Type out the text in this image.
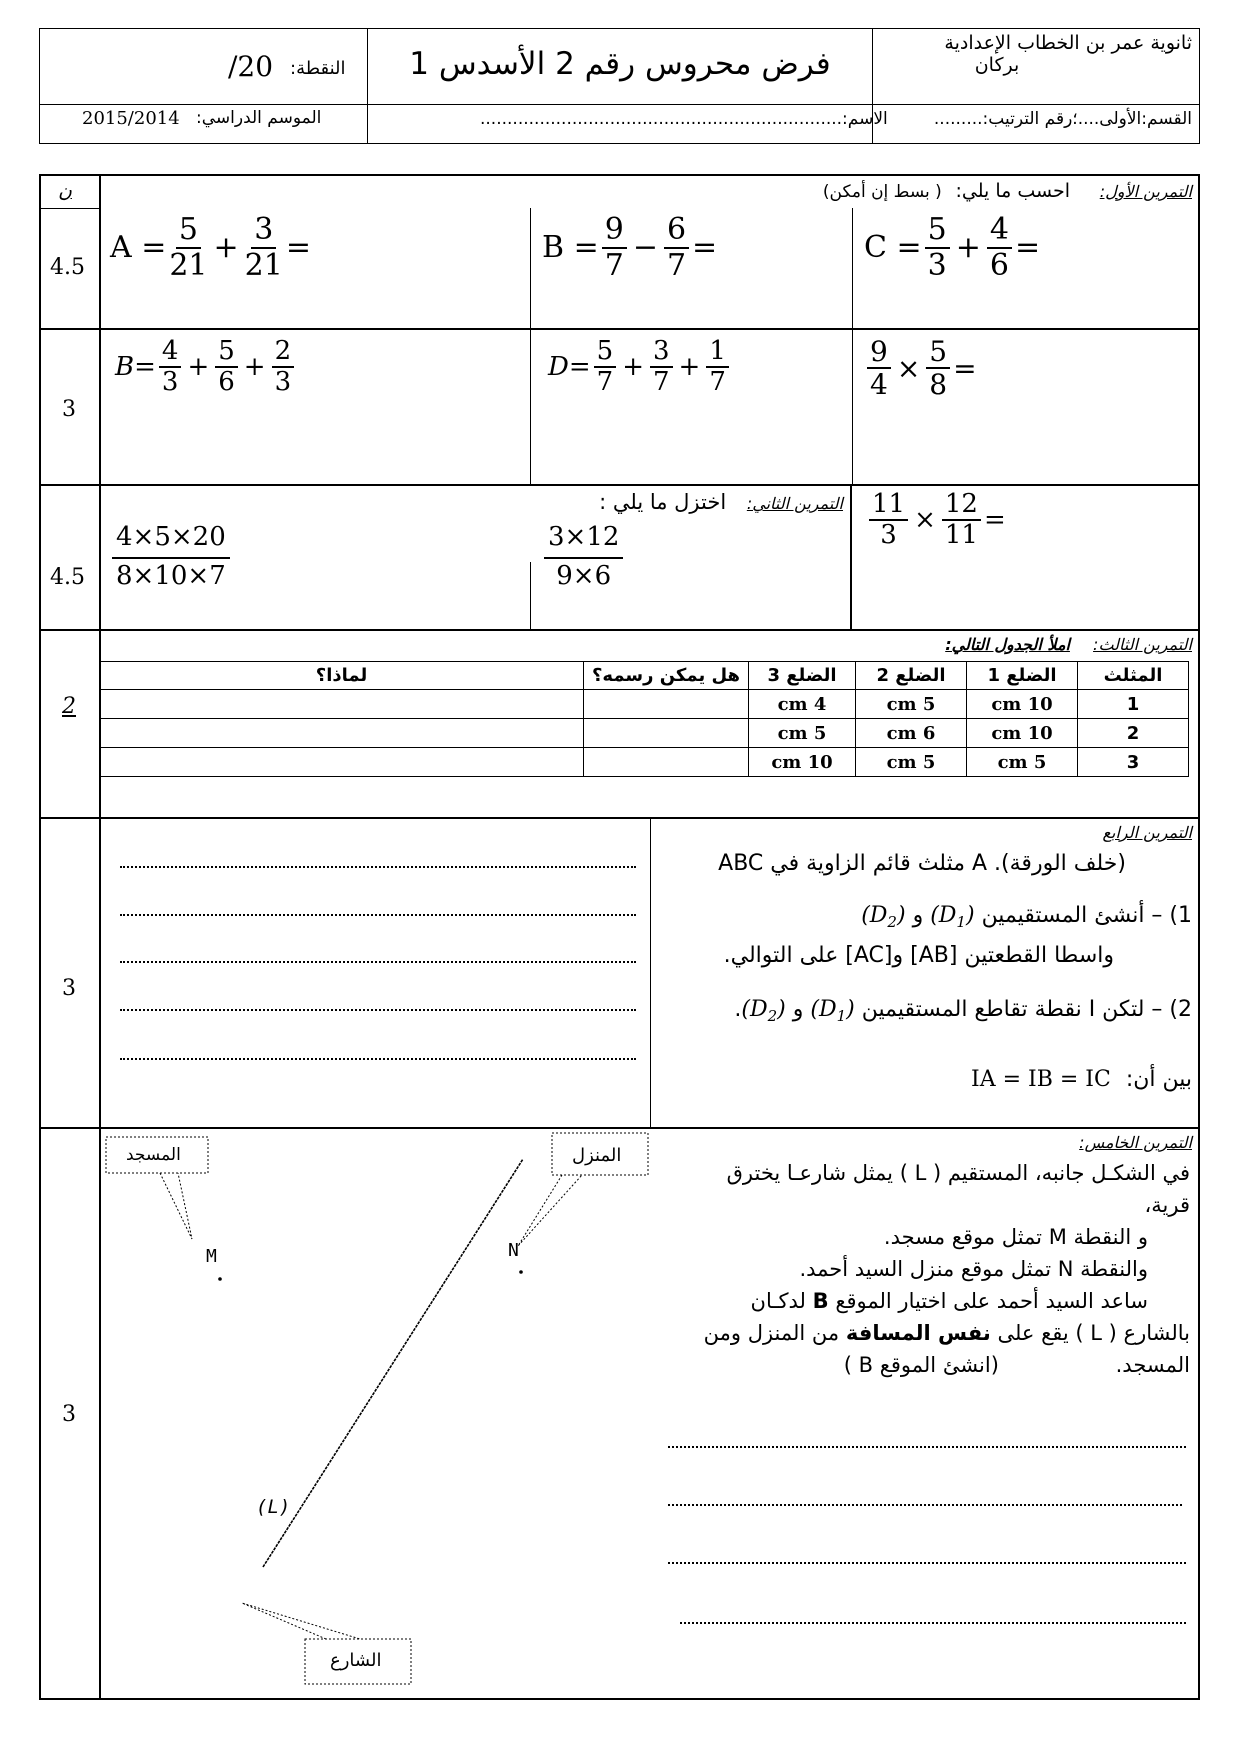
ثانوية عمر بن الخطاب الإعدادية
بركان
فرض محروس رقم 2 الأسدس 1
النقطة:
/20
القسم:الأولى....؛رقم الترتيب:.........
الاسم:...................................................................
الموسم الدراسي:
2015/2014
ن
4.5
3
4.5
2
3
3
التمرين الأول: احسب ما يلي: ( بسط إن أمكن)
$A = \frac{5}{21} + \frac{3}{21}$ =	$B = \frac{9}{7} - \frac{6}{7}$ =	$C = \frac{5}{3} + \frac{4}{6}$ =
$B= \frac{4}{3} + \frac{5}{6} + \frac{2}{3}$	$D= \frac{5}{7} + \frac{3}{7} + \frac{1}{7}$	$\frac{9}{4} \times \frac{5}{8}$ =
التمرين الثاني: اختزل ما يلي :
$\frac{4\times 5\times 20}{8\times 10\times 7}$	$\frac{3\times 12}{9\times 6}$	$\frac{11}{3} \times \frac{12}{11}$ =
التمرين الثالث: املأ الجدول التالي:
المثلث	الضلع 1	الضلع 2	الضلع 3	هل يمكن رسمه؟	لماذا؟
1	10 cm	5 cm	4 cm		
2	10 cm	6 cm	5 cm		
3	5 cm	5 cm	10 cm		
التمرين الرابع
ABC مثلث قائم الزاوية في A .(خلف الورقة)
1) – أنشئ المستقيمين $(D_1)$ و $(D_2)$
واسطا القطعتين [AB] و[AC] على التوالي.
2) – لتكن I نقطة تقاطع المستقيمين $(D_1)$ و $(D_2)$.
بين أن: IA = IB = IC
التمرين الخامس:
في الشكـل جانبه، المستقيم ( L ) يمثل شارعـا يخترق
قرية،
و النقطة M تمثل موقع مسجد.
والنقطة N تمثل موقع منزل السيد أحمد.
ساعد السيد أحمد على اختيار الموقع B لدكـان
بالشارع ( L ) يقع على نفس المسافة من المنزل ومن
المسجد. (انشئ الموقع B )
المسجد	المنزل
الشارع
M	N
(L)
